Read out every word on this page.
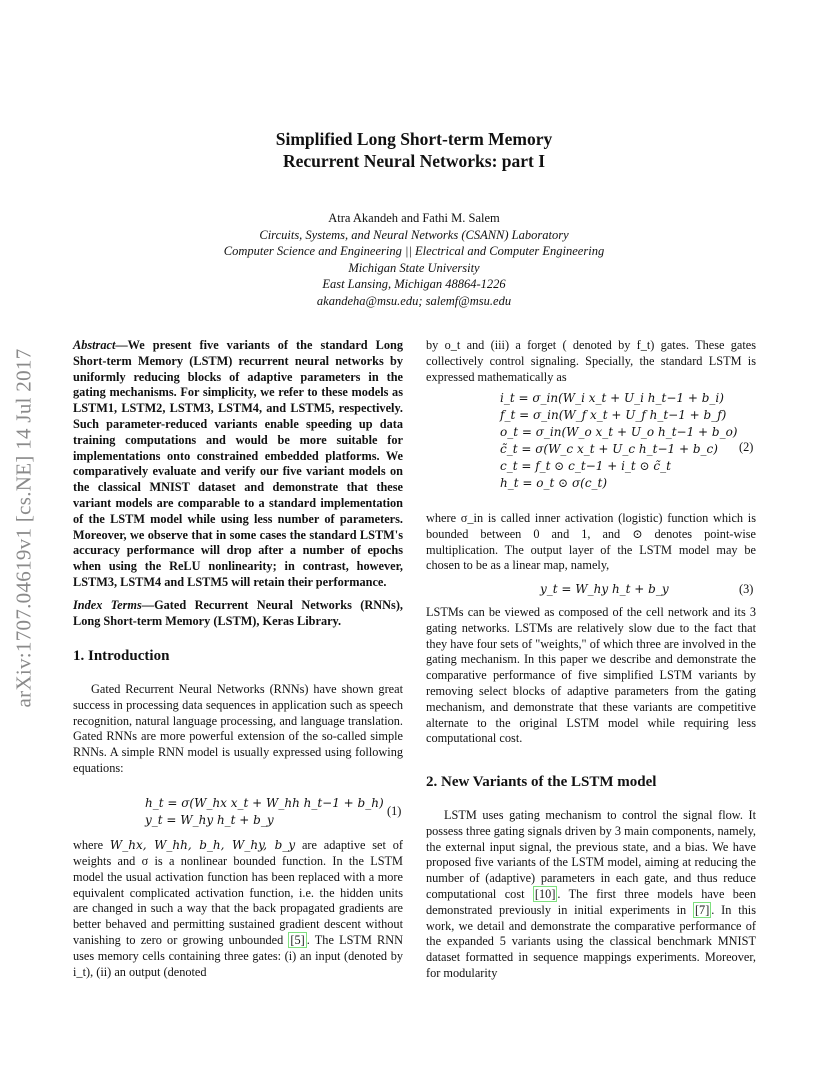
arXiv:1707.04619v1 [cs.NE] 14 Jul 2017
Simplified Long Short-term Memory
Recurrent Neural Networks: part I
Atra Akandeh and Fathi M. Salem
Circuits, Systems, and Neural Networks (CSANN) Laboratory
Computer Science and Engineering || Electrical and Computer Engineering
Michigan State University
East Lansing, Michigan 48864-1226
akandeha@msu.edu; salemf@msu.edu

Abstract—We present five variants of the standard Long Short-term Memory (LSTM) recurrent neural networks by uniformly reducing blocks of adaptive parameters in the gating mechanisms. For simplicity, we refer to these models as LSTM1, LSTM2, LSTM3, LSTM4, and LSTM5, respectively. Such parameter-reduced variants enable speeding up data training computations and would be more suitable for implementations onto constrained embedded platforms. We comparatively evaluate and verify our five variant models on the classical MNIST dataset and demonstrate that these variant models are comparable to a standard implementation of the LSTM model while using less number of parameters. Moreover, we observe that in some cases the standard LSTM's accuracy performance will drop after a number of epochs when using the ReLU nonlinearity; in contrast, however, LSTM3, LSTM4 and LSTM5 will retain their performance.

Index Terms—Gated Recurrent Neural Networks (RNNs), Long Short-term Memory (LSTM), Keras Library.

1. Introduction

Gated Recurrent Neural Networks (RNNs) have shown great success in processing data sequences in application such as speech recognition, natural language processing, and language translation. Gated RNNs are more powerful extension of the so-called simple RNNs. A simple RNN model is usually expressed using following equations:

h_t = σ(W_hx x_t + W_hh h_t−1 + b_h)
y_t = W_hy h_t + b_y
(1)

where W_hx, W_hh, b_h, W_hy, b_y are adaptive set of weights and σ is a nonlinear bounded function. In the LSTM model the usual activation function has been replaced with a more equivalent complicated activation function, i.e. the hidden units are changed in such a way that the back propagated gradients are better behaved and permitting sustained gradient descent without vanishing to zero or growing unbounded [5] . The LSTM RNN uses memory cells containing three gates: (i) an input (denoted by i_t), (ii) an output (denoted

by o_t and (iii) a forget ( denoted by f_t) gates. These gates collectively control signaling. Specially, the standard LSTM is expressed mathematically as

i_t = σ_in(W_i x_t + U_i h_t−1 + b_i)
f_t = σ_in(W_f x_t + U_f h_t−1 + b_f)
o_t = σ_in(W_o x_t + U_o h_t−1 + b_o)
c̃_t = σ(W_c x_t + U_c h_t−1 + b_c)
c_t = f_t ⊙ c_t−1 + i_t ⊙ c̃_t
h_t = o_t ⊙ σ(c_t)
(2)

where σ_in is called inner activation (logistic) function which is bounded between 0 and 1, and ⊙ denotes point-wise multiplication. The output layer of the LSTM model may be chosen to be as a linear map, namely,

y_t = W_hy h_t + b_y	(3)

LSTMs can be viewed as composed of the cell network and its 3 gating networks. LSTMs are relatively slow due to the fact that they have four sets of "weights," of which three are involved in the gating mechanism. In this paper we describe and demonstrate the comparative performance of five simplified LSTM variants by removing select blocks of adaptive parameters from the gating mechanism, and demonstrate that these variants are competitive alternate to the original LSTM model while requiring less computational cost.

2. New Variants of the LSTM model

LSTM uses gating mechanism to control the signal flow. It possess three gating signals driven by 3 main components, namely, the external input signal, the previous state, and a bias. We have proposed five variants of the LSTM model, aiming at reducing the number of (adaptive) parameters in each gate, and thus reduce computational cost [10] . The first three models have been demonstrated previously in initial experiments in [7] . In this work, we detail and demonstrate the comparative performance of the expanded 5 variants using the classical benchmark MNIST dataset formatted in sequence mappings experiments. Moreover, for modularity
